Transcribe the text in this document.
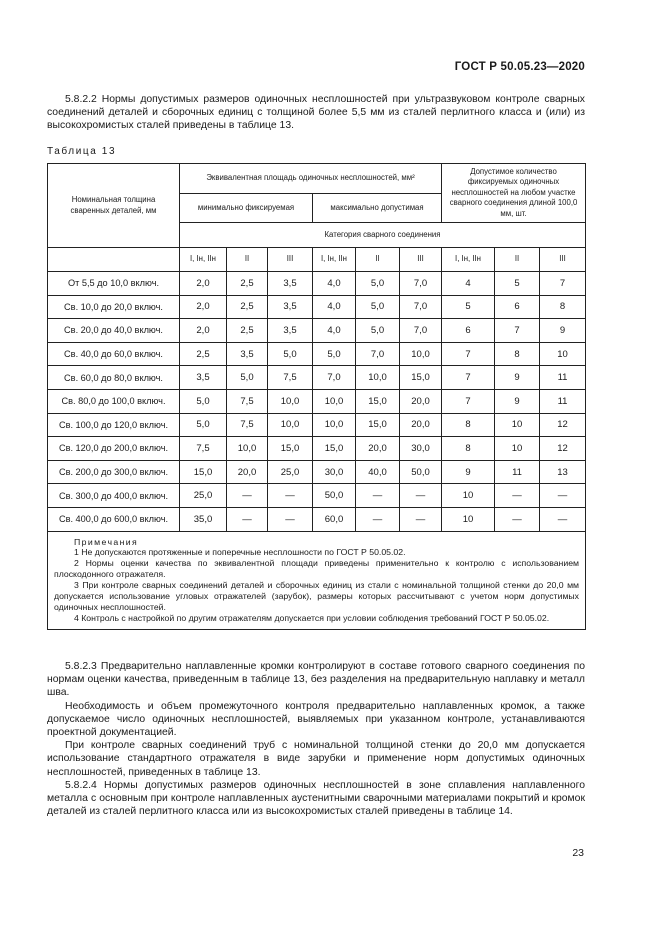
ГОСТ Р 50.05.23—2020

5.8.2.2 Нормы допустимых размеров одиночных несплошностей при ультразвуковом контроле сварных соединений деталей и сборочных единиц с толщиной более 5,5 мм из сталей перлитного класса и (или) из высокохромистых сталей приведены в таблице 13.

Таблица 13
Номинальная толщина сваренных деталей, мм	Эквивалентная площадь одиночных несплошностей, мм²						Допустимое количество фиксируемых одиночных несплошностей на любом участке сварного соединения длиной 100,0 мм, шт.		
	минимально фиксируемая			максимально допустимая					
	Категория сварного соединения								
	I, Iн, IIн	II	III	I, Iн, IIн	II	III	I, Iн, IIн	II	III
От 5,5 до 10,0 включ.	2,0	2,5	3,5	4,0	5,0	7,0	4	5	7
Св. 10,0 до 20,0 включ.	2,0	2,5	3,5	4,0	5,0	7,0	5	6	8
Св. 20,0 до 40,0 включ.	2,0	2,5	3,5	4,0	5,0	7,0	6	7	9
Св. 40,0 до 60,0 включ.	2,5	3,5	5,0	5,0	7,0	10,0	7	8	10
Св. 60,0 до 80,0 включ.	3,5	5,0	7,5	7,0	10,0	15,0	7	9	11
Св. 80,0 до 100,0 включ.	5,0	7,5	10,0	10,0	15,0	20,0	7	9	11
Св. 100,0 до 120,0 включ.	5,0	7,5	10,0	10,0	15,0	20,0	8	10	12
Св. 120,0 до 200,0 включ.	7,5	10,0	15,0	15,0	20,0	30,0	8	10	12
Св. 200,0 до 300,0 включ.	15,0	20,0	25,0	30,0	40,0	50,0	9	11	13
Св. 300,0 до 400,0 включ.	25,0	—	—	50,0	—	—	10	—	—
Св. 400,0 до 600,0 включ.	35,0	—	—	60,0	—	—	10	—	—

Примечания
1 Не допускаются протяженные и поперечные несплошности по ГОСТ Р 50.05.02.
2 Нормы оценки качества по эквивалентной площади приведены применительно к контролю с использованием плоскодонного отражателя.
3 При контроле сварных соединений деталей и сборочных единиц из стали с номинальной толщиной стенки до 20,0 мм допускается использование угловых отражателей (зарубок), размеры которых рассчитывают с учетом норм допустимых одиночных несплошностей.
4 Контроль с настройкой по другим отражателям допускается при условии соблюдения требований ГОСТ Р 50.05.02.									

5.8.2.3 Предварительно наплавленные кромки контролируют в составе готового сварного соединения по нормам оценки качества, приведенным в таблице 13, без разделения на предварительную наплавку и металл шва.

Необходимость и объем промежуточного контроля предварительно наплавленных кромок, а также допускаемое число одиночных несплошностей, выявляемых при указанном контроле, устанавливаются проектной документацией.

При контроле сварных соединений труб с номинальной толщиной стенки до 20,0 мм допускается использование стандартного отражателя в виде зарубки и применение норм допустимых одиночных несплошностей, приведенных в таблице 13.

5.8.2.4 Нормы допустимых размеров одиночных несплошностей в зоне сплавления наплавленного металла с основным при контроле наплавленных аустенитными сварочными материалами покрытий и кромок деталей из сталей перлитного класса или из высокохромистых сталей приведены в таблице 14.

23
